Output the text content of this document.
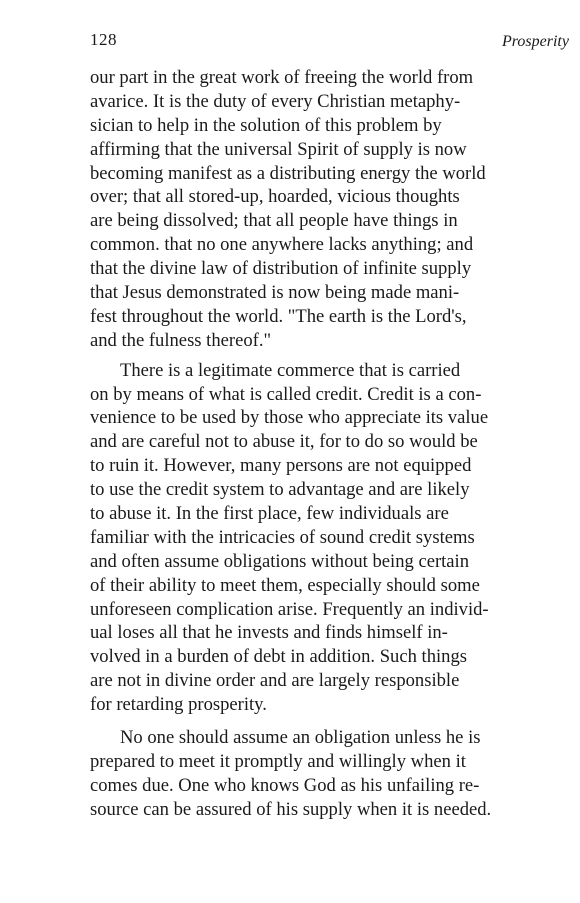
128	Prosperity
our part in the great work of freeing the world from
avarice. It is the duty of every Christian metaphy-
sician to help in the solution of this problem by
affirming that the universal Spirit of supply is now
becoming manifest as a distributing energy the world
over; that all stored-up, hoarded, vicious thoughts
are being dissolved; that all people have things in
common. that no one anywhere lacks anything; and
that the divine law of distribution of infinite supply
that Jesus demonstrated is now being made mani-
fest throughout the world. "The earth is the Lord's,
and the fulness thereof."
There is a legitimate commerce that is carried
on by means of what is called credit. Credit is a con-
venience to be used by those who appreciate its value
and are careful not to abuse it, for to do so would be
to ruin it. However, many persons are not equipped
to use the credit system to advantage and are likely
to abuse it. In the first place, few individuals are
familiar with the intricacies of sound credit systems
and often assume obligations without being certain
of their ability to meet them, especially should some
unforeseen complication arise. Frequently an individ-
ual loses all that he invests and finds himself in-
volved in a burden of debt in addition. Such things
are not in divine order and are largely responsible
for retarding prosperity.
No one should assume an obligation unless he is
prepared to meet it promptly and willingly when it
comes due. One who knows God as his unfailing re-
source can be assured of his supply when it is needed.
